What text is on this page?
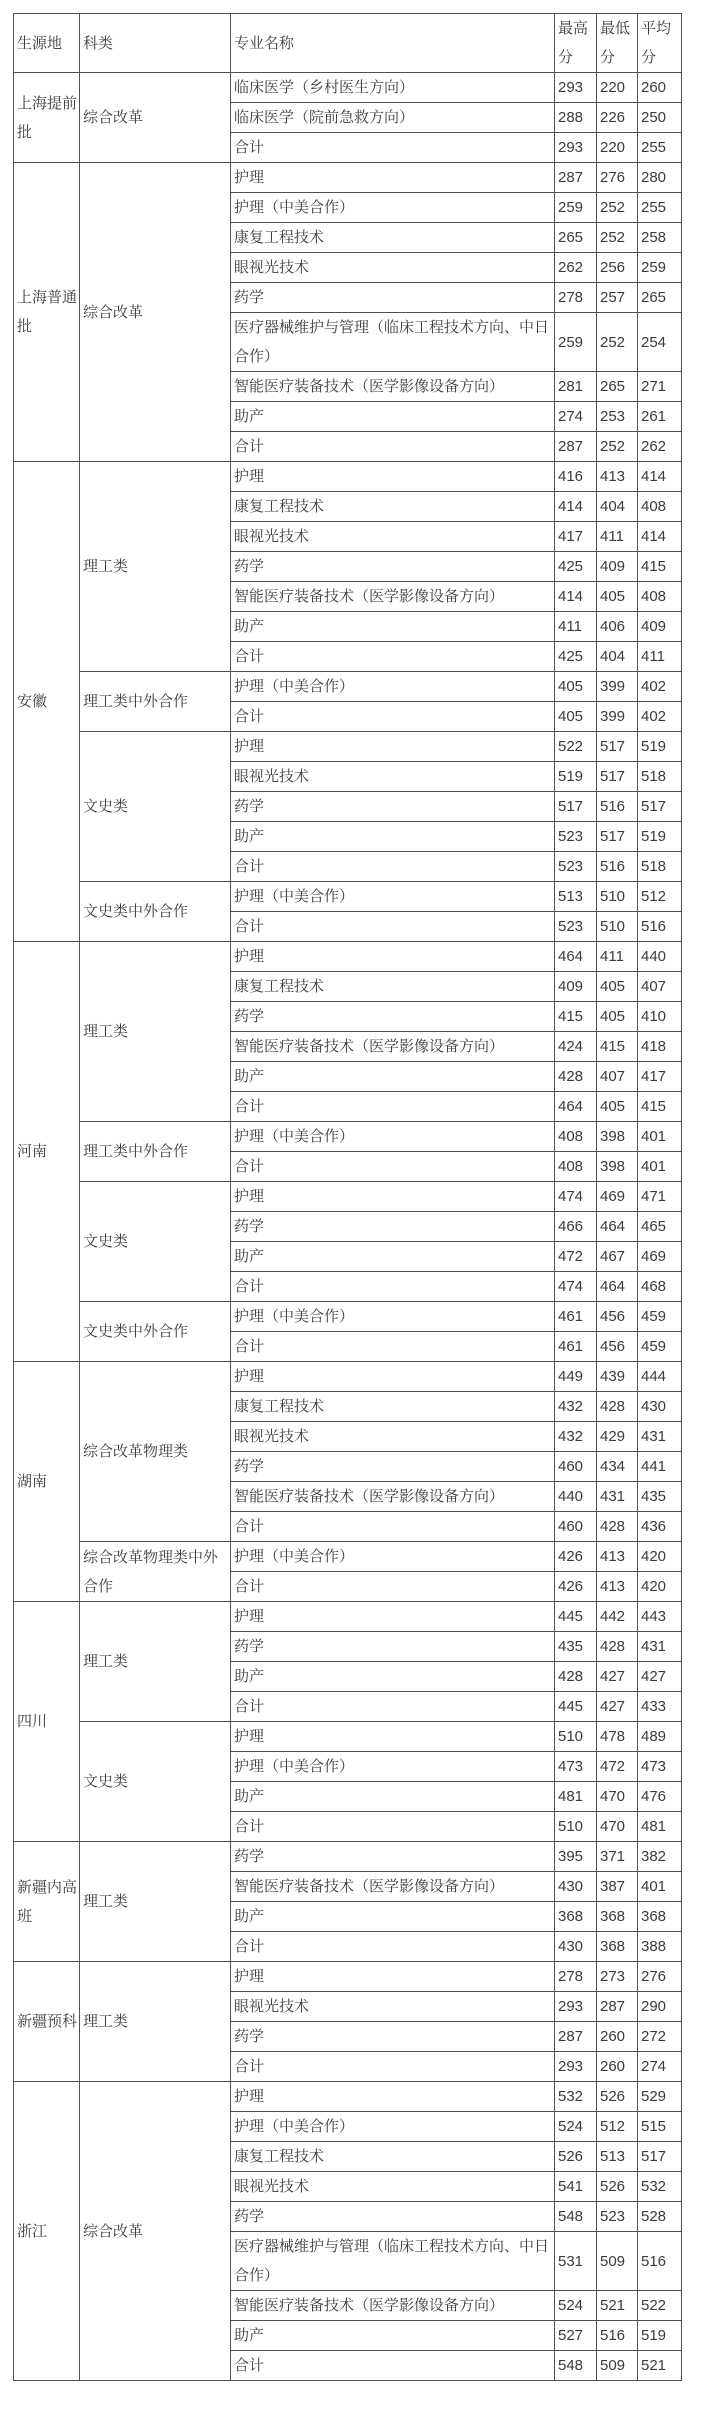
生源地	科类	专业名称	最高分	最低分	平均分
上海提前批	综合改革	临床医学（乡村医生方向）	293	220	260
		临床医学（院前急救方向）	288	226	250
		合计	293	220	255
上海普通批	综合改革	护理	287	276	280
		护理（中美合作）	259	252	255
		康复工程技术	265	252	258
		眼视光技术	262	256	259
		药学	278	257	265
		医疗器械维护与管理（临床工程技术方向、中日合作）	259	252	254
		智能医疗装备技术（医学影像设备方向）	281	265	271
		助产	274	253	261
		合计	287	252	262
安徽	理工类	护理	416	413	414
		康复工程技术	414	404	408
		眼视光技术	417	411	414
		药学	425	409	415
		智能医疗装备技术（医学影像设备方向）	414	405	408
		助产	411	406	409
		合计	425	404	411
	理工类中外合作	护理（中美合作）	405	399	402
		合计	405	399	402
	文史类	护理	522	517	519
		眼视光技术	519	517	518
		药学	517	516	517
		助产	523	517	519
		合计	523	516	518
	文史类中外合作	护理（中美合作）	513	510	512
		合计	523	510	516
河南	理工类	护理	464	411	440
		康复工程技术	409	405	407
		药学	415	405	410
		智能医疗装备技术（医学影像设备方向）	424	415	418
		助产	428	407	417
		合计	464	405	415
	理工类中外合作	护理（中美合作）	408	398	401
		合计	408	398	401
	文史类	护理	474	469	471
		药学	466	464	465
		助产	472	467	469
		合计	474	464	468
	文史类中外合作	护理（中美合作）	461	456	459
		合计	461	456	459
湖南	综合改革物理类	护理	449	439	444
		康复工程技术	432	428	430
		眼视光技术	432	429	431
		药学	460	434	441
		智能医疗装备技术（医学影像设备方向）	440	431	435
		合计	460	428	436
	综合改革物理类中外合作	护理（中美合作）	426	413	420
		合计	426	413	420
四川	理工类	护理	445	442	443
		药学	435	428	431
		助产	428	427	427
		合计	445	427	433
	文史类	护理	510	478	489
		护理（中美合作）	473	472	473
		助产	481	470	476
		合计	510	470	481
新疆内高班	理工类	药学	395	371	382
		智能医疗装备技术（医学影像设备方向）	430	387	401
		助产	368	368	368
		合计	430	368	388
新疆预科	理工类	护理	278	273	276
		眼视光技术	293	287	290
		药学	287	260	272
		合计	293	260	274
浙江	综合改革	护理	532	526	529
		护理（中美合作）	524	512	515
		康复工程技术	526	513	517
		眼视光技术	541	526	532
		药学	548	523	528
		医疗器械维护与管理（临床工程技术方向、中日合作）	531	509	516
		智能医疗装备技术（医学影像设备方向）	524	521	522
		助产	527	516	519
		合计	548	509	521
